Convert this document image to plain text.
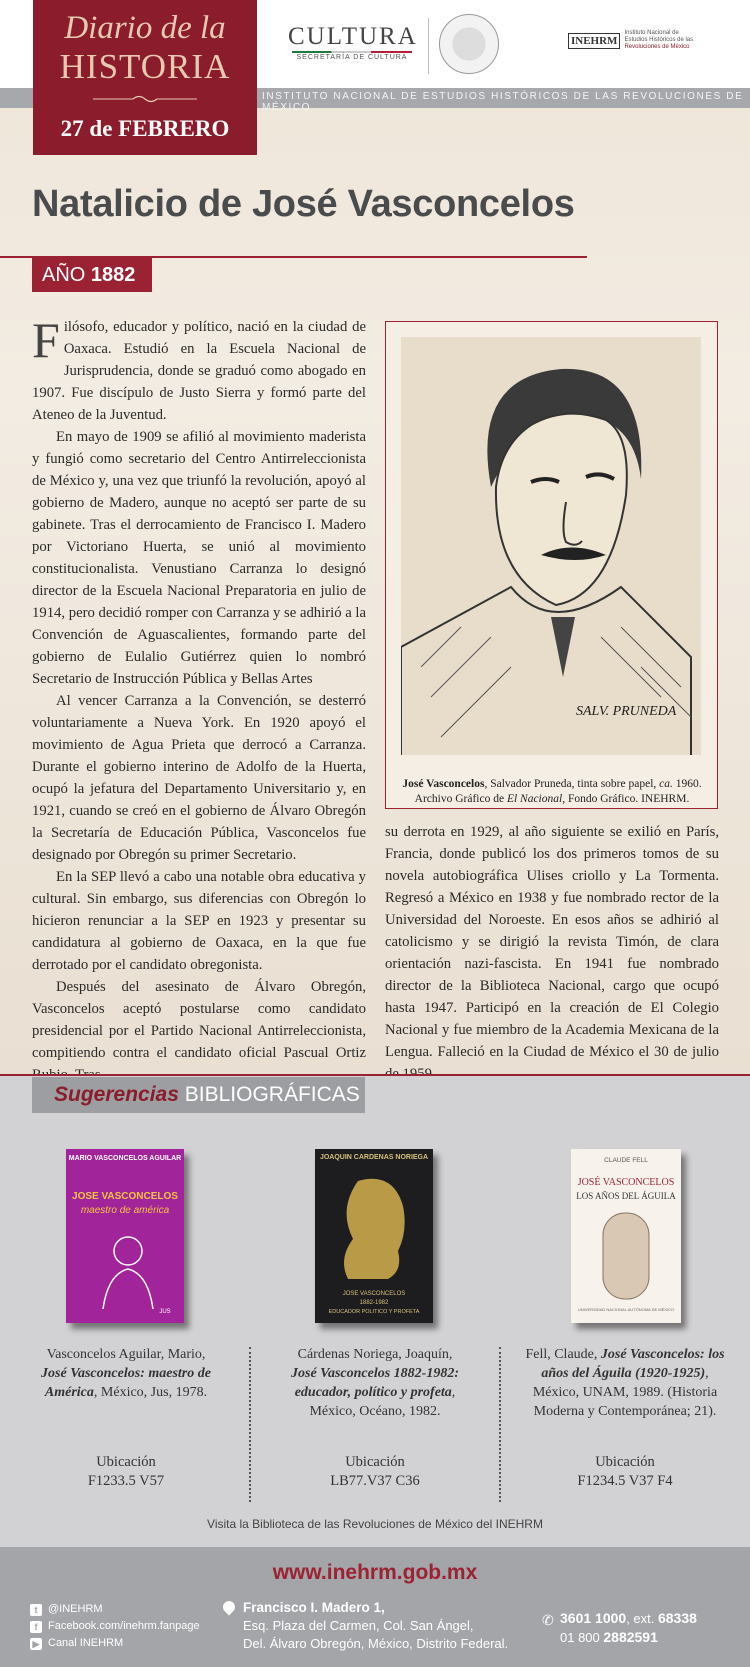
CULTURA
SECRETARÍA DE CULTURA
INEHRM
Instituto Nacional de Estudios Históricos de las Revoluciones de México
INSTITUTO NACIONAL DE ESTUDIOS HISTÓRICOS DE LAS REVOLUCIONES DE MÉXICO
Diario de la
HISTORIA
27 de FEBRERO
Natalicio de José Vasconcelos
AÑO 1882

Filósofo, educador y político, nació en la ciudad de Oaxaca. Estudió en la Escuela Nacional de Jurisprudencia, donde se graduó como abogado en 1907. Fue discípulo de Justo Sierra y formó parte del Ateneo de la Juventud.

En mayo de 1909 se afilió al movimiento maderista y fungió como secretario del Centro Antirreleccionista de México y, una vez que triunfó la revolución, apoyó al gobierno de Madero, aunque no aceptó ser parte de su gabinete. Tras el derrocamiento de Francisco I. Madero por Victoriano Huerta, se unió al movimiento constitucionalista. Venustiano Carranza lo designó director de la Escuela Nacional Preparatoria en julio de 1914, pero decidió romper con Carranza y se adhirió a la Convención de Aguascalientes, formando parte del gobierno de Eulalio Gutiérrez quien lo nombró Secretario de Instrucción Pública y Bellas Artes

Al vencer Carranza a la Convención, se desterró voluntariamente a Nueva York. En 1920 apoyó el movimiento de Agua Prieta que derrocó a Carranza. Durante el gobierno interino de Adolfo de la Huerta, ocupó la jefatura del Departamento Universitario y, en 1921, cuando se creó en el gobierno de Álvaro Obregón la Secretaría de Educación Pública, Vasconcelos fue designado por Obregón su primer Secretario.

En la SEP llevó a cabo una notable obra educativa y cultural. Sin embargo, sus diferencias con Obregón lo hicieron renunciar a la SEP en 1923 y presentar su candidatura al gobierno de Oaxaca, en la que fue derrotado por el candidato obregonista.

Después del asesinato de Álvaro Obregón, Vasconcelos aceptó postularse como candidato presidencial por el Partido Nacional Antirreleccionista, compitiendo contra el candidato oficial Pascual Ortiz

SALV. PRUNEDA
José Vasconcelos, Salvador Pruneda, tinta sobre papel, ca. 1960.
Archivo Gráfico de El Nacional, Fondo Gráfico. INEHRM.

su derrota en 1929, al año siguiente se exilió en París, Francia, donde publicó los dos primeros tomos de su novela autobiográfica Ulises criollo y La Tormenta. Regresó a México en 1938 y fue nombrado rector de la Universidad del Noroeste. En esos años se adhirió al catolicismo y se dirigió la revista Timón, de clara orientación nazi-fascista. En 1941 fue nombrado director de la Biblioteca Nacional, cargo que ocupó hasta 1947. Participó en la creación de El Colegio Nacional y fue miembro de la Academia Mexicana de la Lengua. Falleció en la Ciudad de México el 30 de julio

Sugerencias BIBLIOGRÁFICAS
MARIO VASCONCELOS AGUILAR
JOSE VASCONCELOS
maestro de américa
JUS
JOAQUIN CARDENAS NORIEGA
JOSE VASCONCELOS
1882-1982
EDUCADOR POLITICO Y PROFETA
CLAUDE FELL
JOSÉ VASCONCELOS
LOS AÑOS DEL ÁGUILA
UNIVERSIDAD NACIONAL AUTÓNOMA DE MÉXICO
Vasconcelos Aguilar, Mario,
José Vasconcelos: maestro de América, México, Jus, 1978.
Cárdenas Noriega, Joaquín,
José Vasconcelos 1882-1982: educador, político y profeta, México, Océano, 1982.
Fell, Claude, José Vasconcelos: los años del Águila (1920-1925), México, UNAM, 1989. (Historia Moderna y Contemporánea; 21).
Ubicación
F1233.5 V57
Ubicación
LB77.V37 C36
Ubicación
F1234.5 V37 F4
Visita la Biblioteca de las Revoluciones de México del INEHRM
www.inehrm.gob.mx
t @INEHRM
f Facebook.com/inehrm.fanpage
▶ Canal INEHRM
Francisco I. Madero 1,
Esq. Plaza del Carmen, Col. San Ángel,
Del. Álvaro Obregón, México, Distrito Federal.
✆ 3601 1000, ext. 68338
01 800 2882591
